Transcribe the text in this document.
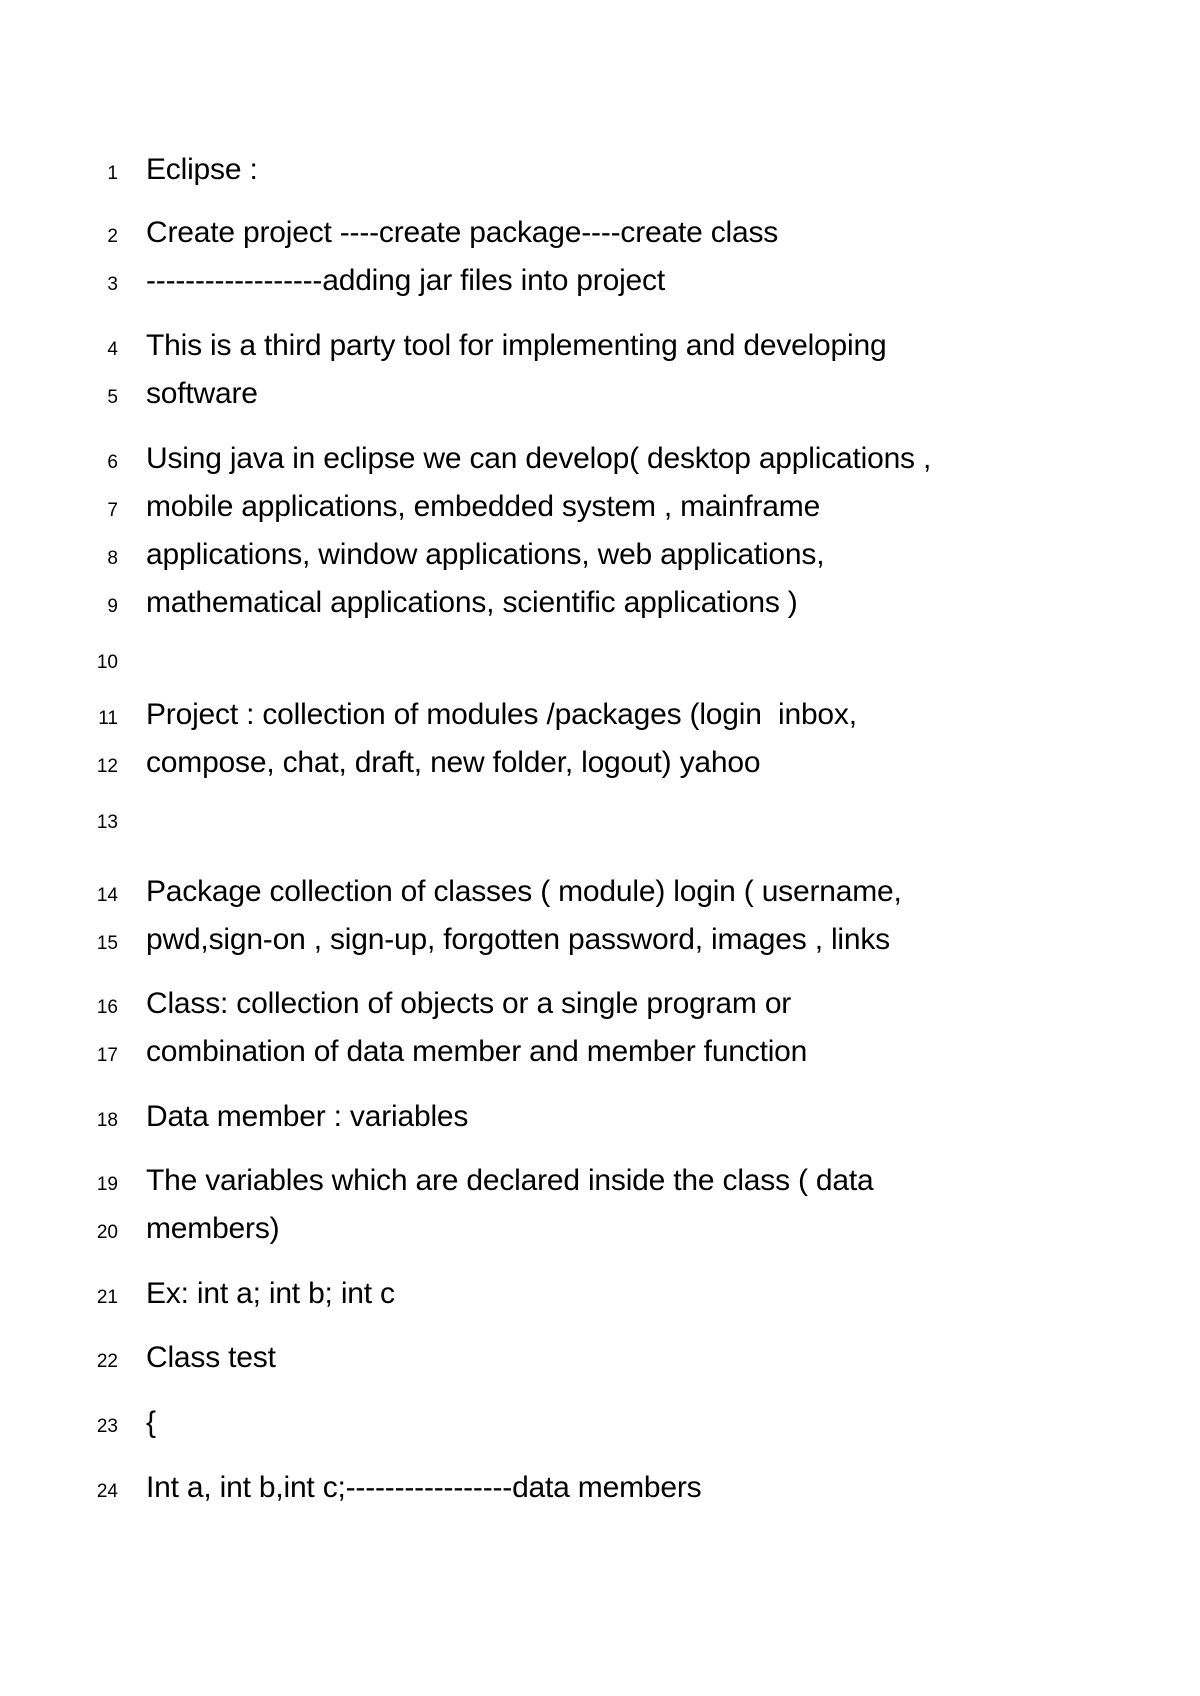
1 Eclipse :
2 Create project ----create package----create class
3 ------------------adding jar files into project
4 This is a third party tool for implementing and developing
5 software
6 Using java in eclipse we can develop( desktop applications ,
7 mobile applications, embedded system , mainframe
8 applications, window applications, web applications,
9 mathematical applications, scientific applications )
10
11 Project : collection of modules /packages (login  inbox,
12 compose, chat, draft, new folder, logout) yahoo
13
14 Package collection of classes ( module) login ( username,
15 pwd,sign-on , sign-up, forgotten password, images , links
16 Class: collection of objects or a single program or
17 combination of data member and member function
18 Data member : variables
19 The variables which are declared inside the class ( data
20 members)
21 Ex: int a; int b; int c
22 Class test
23 {
24 Int a, int b,int c;-----------------data members
